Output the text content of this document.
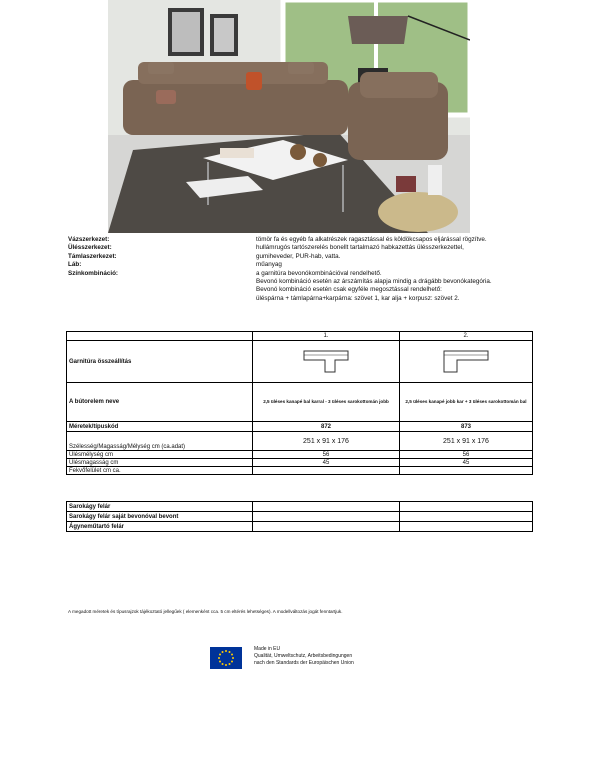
Vázszerkezet:	tömör fa és egyéb fa alkatrészek ragasztással és köldökcsapos eljárással rögzítve.
Ülésszerkezet:	hullámrugós tartószerelés bonellt tartalmazó habkazettás ülésszerkezettel,
Támlaszerkezet:	gumiheveder, PUR-hab, vatta.
Láb:	műanyag
Színkombináció:	a garnitúra bevonókombinációval rendelhető.
Bevonó kombináció esetén az árszámítás alapja mindig a drágább bevonókategória.
Bevonó kombináció esetén csak egyféle megosztással rendelhető:
üléspárna + támlapárna+karpárna: szövet 1, kar alja + korpusz: szövet 2.
	1.	2.
Garnitúra összeállítás		
A bútorelem neve	2,5 üléses kanapé bal karral - 3 üléses sarokottomán jobb	2,5 üléses kanapé jobb kar + 3 üléses sarokottomán bal
Méretek/típuskód	872	873
Szélesség/Magasság/Mélység cm (ca.adat)	251 x 91 x 176	251 x 91 x 176
Ülésmélység cm	56	56
Ülésmagasság cm	45	45
Fekvőfelület cm ca.		
Sarokágy felár		
Sarokágy felár saját bevonóval bevont		
Ágyneműtartó felár		
A megadott méretek és típusrajzok tájékoztató jellegűek ( elemenként cca. 5 cm eltérés lehetséges). A modellváltozás jogát fenntartjuk.
Made in EU
Qualität, Umweltschutz, Arbeitsbedingungen
nach den Standards der Europäischen Union
